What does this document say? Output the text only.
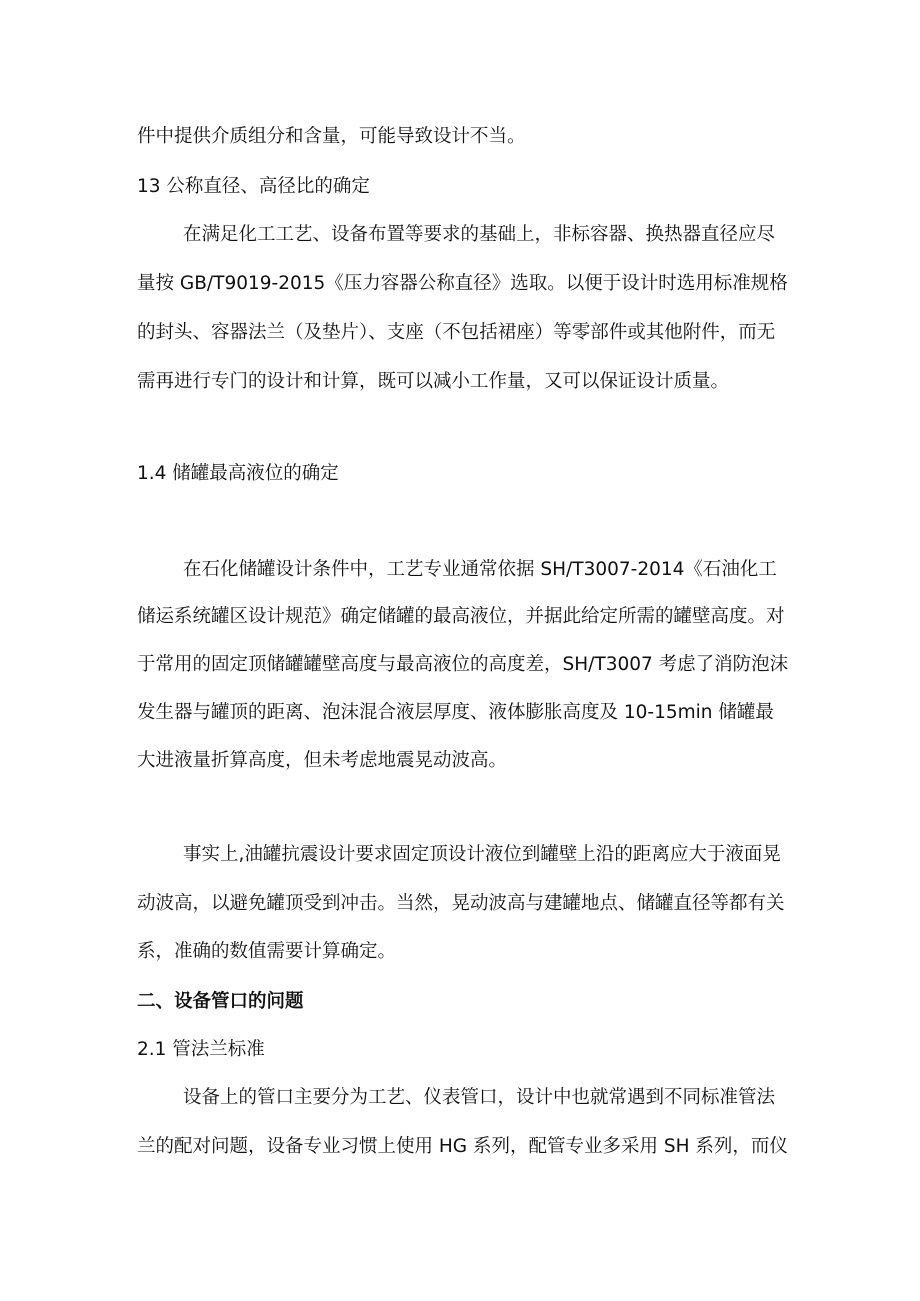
件中提供介质组分和含量，可能导致设计不当。
13 公称直径、高径比的确定
在满足化工工艺、设备布置等要求的基础上，非标容器、换热器直径应尽
量按 GB/T9019-2015《压力容器公称直径》选取。以便于设计时选用标准规格
的封头、容器法兰（及垫片）、支座（不包括裙座）等零部件或其他附件，而无
需再进行专门的设计和计算，既可以减小工作量，又可以保证设计质量。
1.4 储罐最高液位的确定
在石化储罐设计条件中，工艺专业通常依据 SH/T3007-2014《石油化工
储运系统罐区设计规范》确定储罐的最高液位，并据此给定所需的罐壁高度。对
于常用的固定顶储罐罐壁高度与最高液位的高度差，SH/T3007 考虑了消防泡沫
发生器与罐顶的距离、泡沫混合液层厚度、液体膨胀高度及 10-15min 储罐最
大进液量折算高度，但未考虑地震晃动波高。
事实上,油罐抗震设计要求固定顶设计液位到罐壁上沿的距离应大于液面晃
动波高，以避免罐顶受到冲击。当然，晃动波高与建罐地点、储罐直径等都有关
系，准确的数值需要计算确定。
二、设备管口的问题
2.1 管法兰标准
设备上的管口主要分为工艺、仪表管口，设计中也就常遇到不同标准管法
兰的配对问题，设备专业习惯上使用 HG 系列，配管专业多采用 SH 系列，而仪
